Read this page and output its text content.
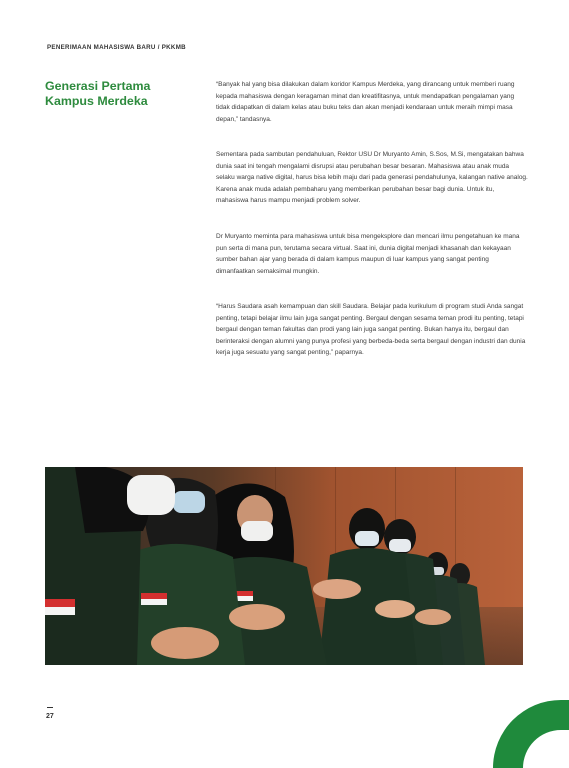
PENERIMAAN MAHASISWA BARU / PKKMB
Generasi Pertama
Kampus Merdeka

“Banyak hal yang bisa dilakukan dalam koridor Kampus Merdeka, yang dirancang untuk memberi ruang kepada mahasiswa dengan keragaman minat dan kreatifitasnya, untuk mendapatkan pengalaman yang tidak didapatkan di dalam kelas atau buku teks dan akan menjadi kendaraan untuk meraih mimpi masa depan,” tandasnya.

Sementara pada sambutan pendahuluan, Rektor USU Dr Muryanto Amin, S.Sos, M.Si, mengatakan bahwa dunia saat ini tengah mengalami disrupsi atau perubahan besar besaran. Mahasiswa atau anak muda selaku warga native digital, harus bisa lebih maju dari pada generasi pendahulunya, kalangan native analog. Karena anak muda adalah pembaharu yang memberikan perubahan besar bagi dunia. Untuk itu, mahasiswa harus mampu menjadi problem solver.

Dr Muryanto meminta para mahasiswa untuk bisa mengeksplore dan mencari ilmu pengetahuan ke mana pun serta di mana pun, terutama secara virtual. Saat ini, dunia digital menjadi khasanah dan kekayaan sumber bahan ajar yang berada di dalam kampus maupun di luar kampus yang sangat penting dimanfaatkan semaksimal mungkin.

“Harus Saudara asah kemampuan dan skill Saudara. Belajar pada kurikulum di program studi Anda sangat penting, tetapi belajar ilmu lain juga sangat penting. Bergaul dengan sesama teman prodi itu penting, tetapi bergaul dengan teman fakultas dan prodi yang lain juga sangat penting. Bukan hanya itu, bergaul dan berinteraksi dengan alumni yang punya profesi yang berbeda-beda serta bergaul dengan industri dan dunia kerja juga sesuatu yang sangat penting,” paparnya.

27
